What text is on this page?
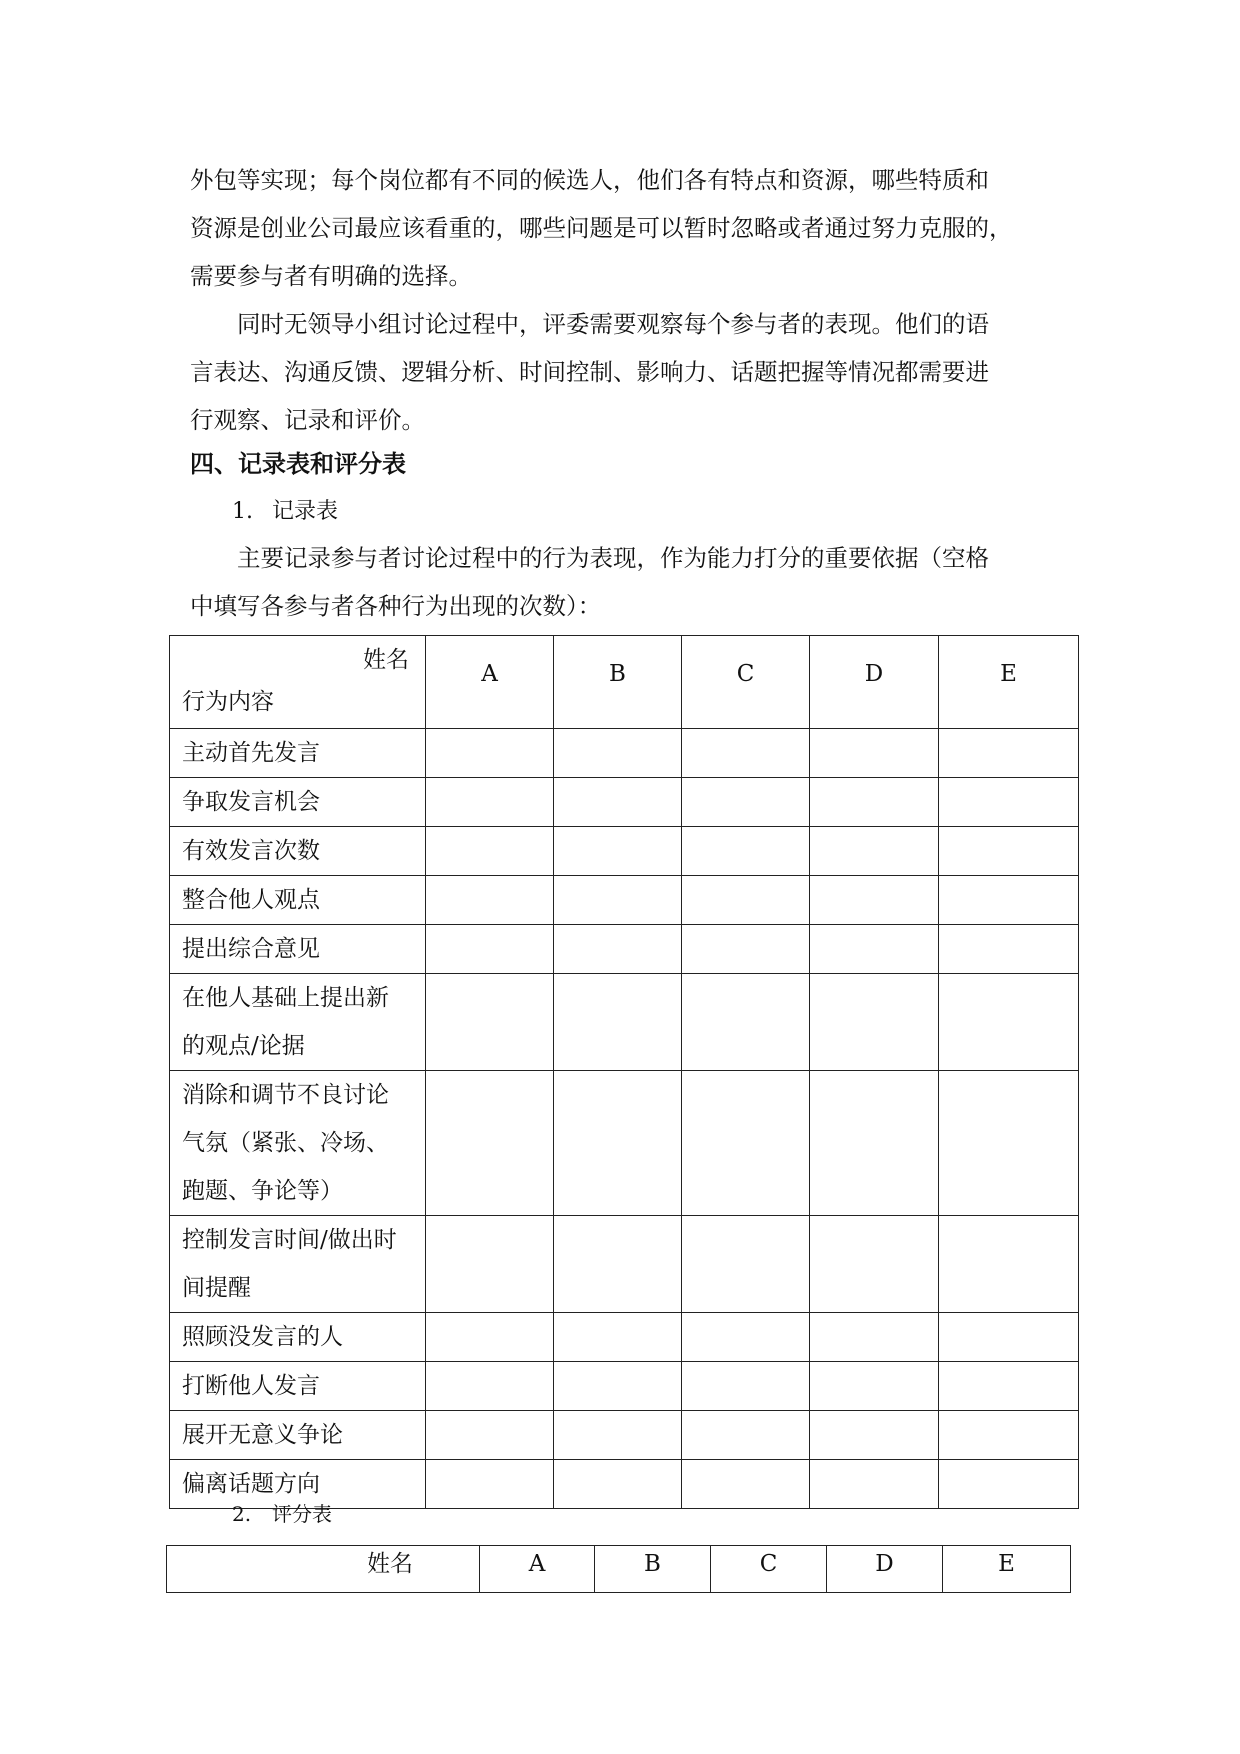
外包等实现；每个岗位都有不同的候选人，他们各有特点和资源，哪些特质和
资源是创业公司最应该看重的，哪些问题是可以暂时忽略或者通过努力克服的，
需要参与者有明确的选择。
同时无领导小组讨论过程中，评委需要观察每个参与者的表现。他们的语
言表达、沟通反馈、逻辑分析、时间控制、影响力、话题把握等情况都需要进
行观察、记录和评价。
四、记录表和评分表

1. 记录表

主要记录参与者讨论过程中的行为表现，作为能力打分的重要依据（空格
中填写各参与者各种行为出现的次数）：
姓名
行为内容	A	B	C	D	E

主动首先发言					

争取发言机会					

有效发言次数					

整合他人观点					

提出综合意见					

在他人基础上提出新
的观点/论据					

消除和调节不良讨论
气氛（紧张、冷场、
跑题、争论等）					

控制发言时间/做出时
间提醒					

照顾没发言的人					

打断他人发言					

展开无意义争论					

偏离话题方向					

2. 评分表

姓名	A	B	C	D	E
